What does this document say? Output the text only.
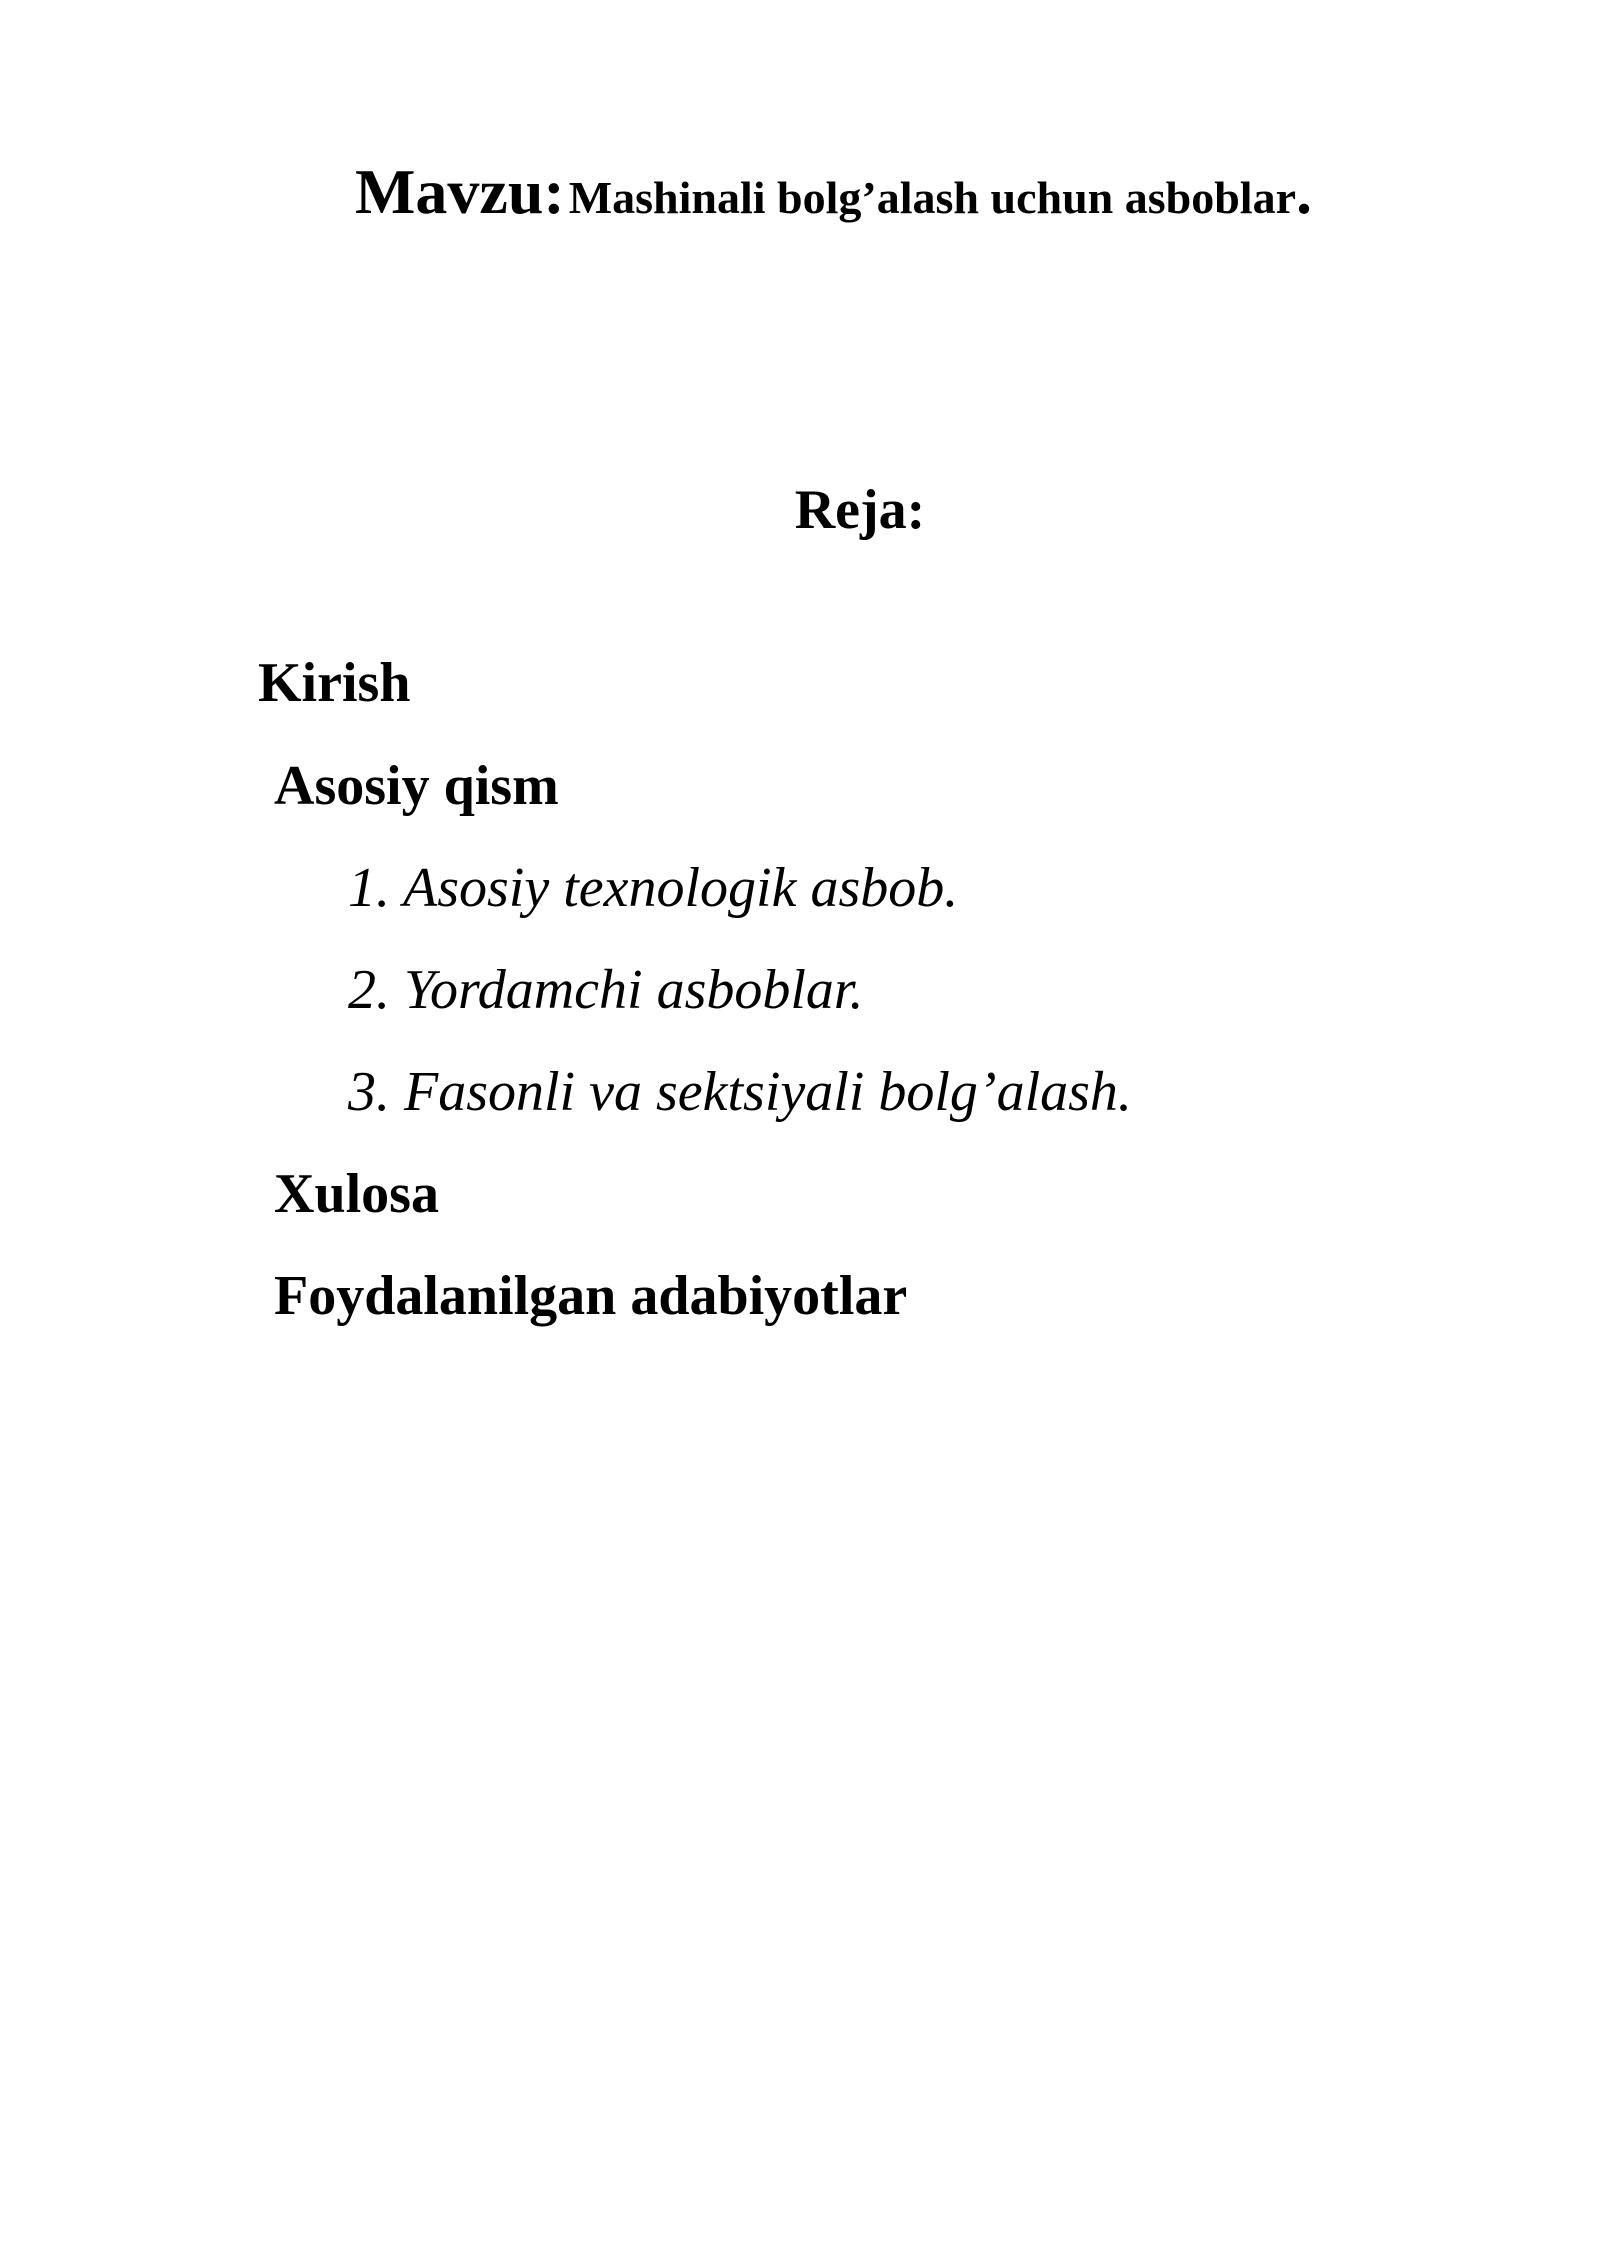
Mavzu: Mashinali bolg’alash uchun asboblar.
Reja:
Kirish
Asosiy qism
1. Asosiy texnologik asbob.
2. Yordamchi asboblar.
3. Fasonli va sektsiyali bolg’alash.
Xulosa
Foydalanilgan adabiyotlar
